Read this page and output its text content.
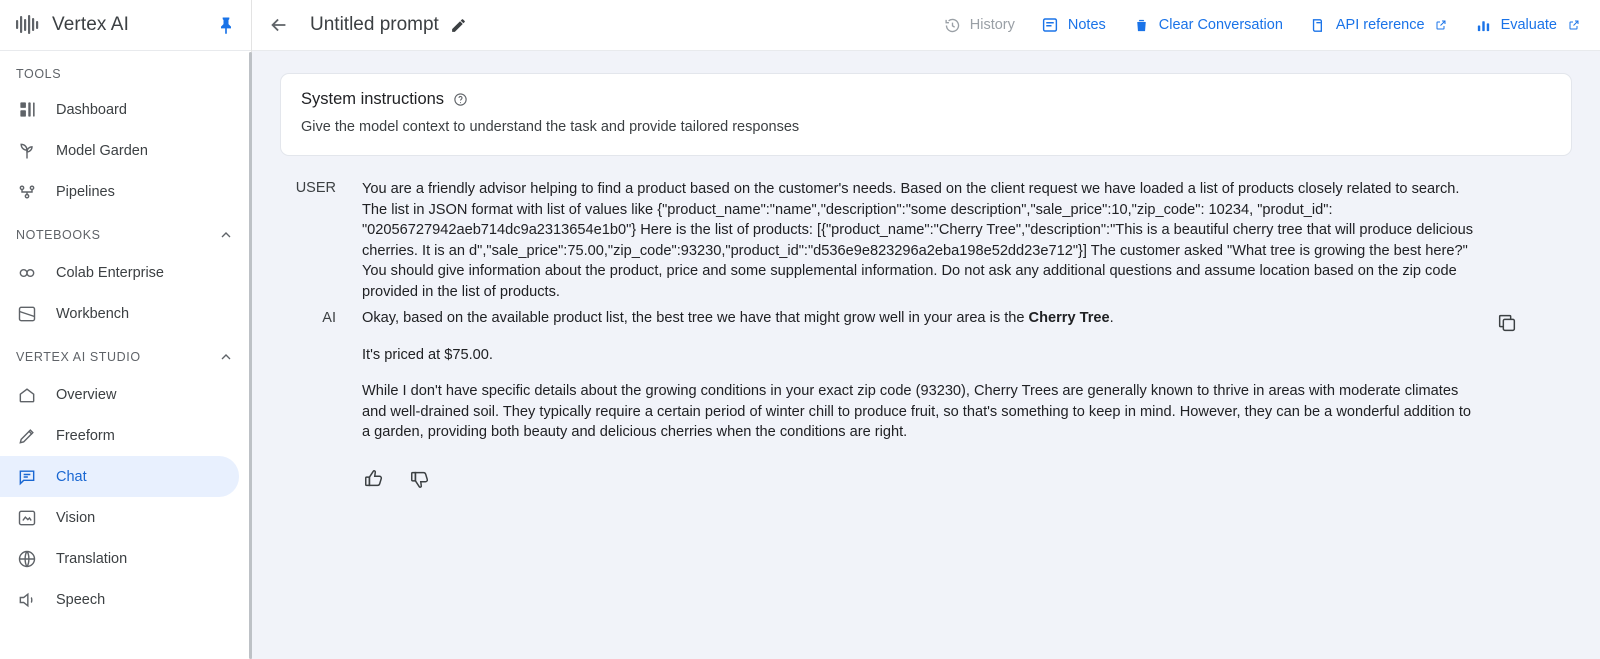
Vertex AI
TOOLS
Dashboard
Model Garden
Pipelines
NOTEBOOKS
Colab Enterprise
Workbench
VERTEX AI STUDIO
Overview
Freeform
Chat
Vision
Translation
Speech
Untitled prompt	History	Notes	Clear Conversation	API reference	Evaluate
System instructions
Give the model context to understand the task and provide tailored responses
USER	You are a friendly advisor helping to find a product based on the customer's needs. Based on the client request we have loaded a list of products closely related to search. The list in JSON format with list of values like {"product_name":"name","description":"some description","sale_price":10,"zip_code": 10234, "produt_id": "02056727942aeb714dc9a2313654e1b0"} Here is the list of products: [{"product_name":"Cherry Tree","description":"This is a beautiful cherry tree that will produce delicious cherries. It is an d","sale_price":75.00,"zip_code":93230,"product_id":"d536e9e823296a2eba198e52dd23e712"}] The customer asked "What tree is growing the best here?" You should give information about the product, price and some supplemental information. Do not ask any additional questions and assume location based on the zip code provided in the list of products.

AI	Okay, based on the available product list, the best tree we have that might grow well in your area is the Cherry Tree.

It's priced at $75.00.

While I don't have specific details about the growing conditions in your exact zip code (93230), Cherry Trees are generally known to thrive in areas with moderate climates and well-drained soil. They typically require a certain period of winter chill to produce fruit, so that's something to keep in mind. However, they can be a wonderful addition to a garden, providing both beauty and delicious cherries when the conditions are right.
